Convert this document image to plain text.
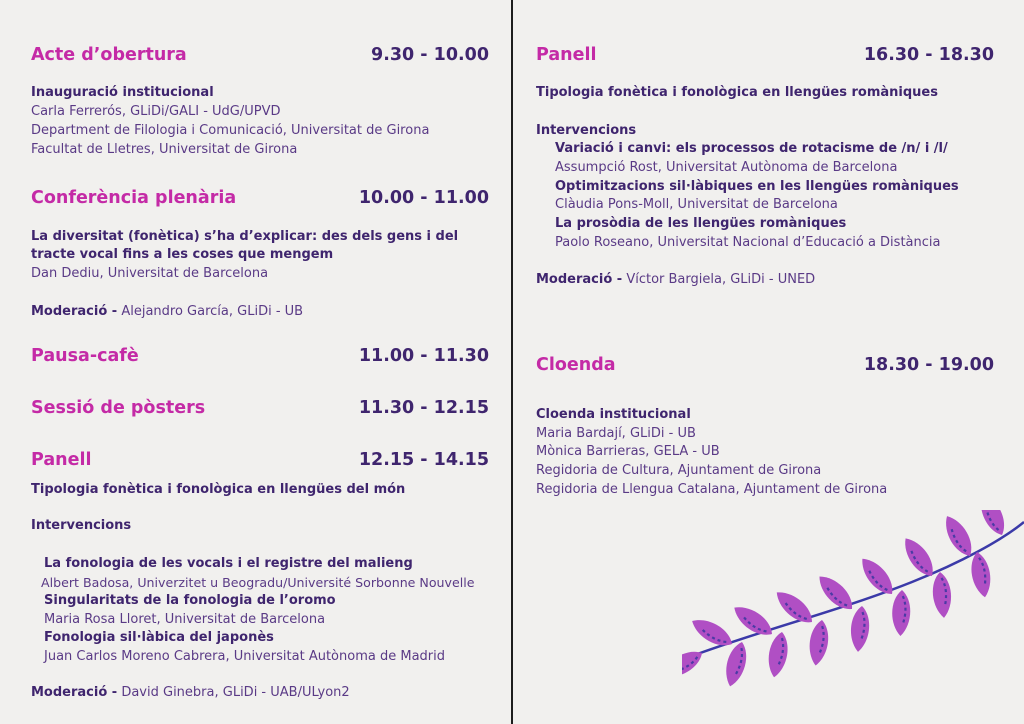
Acte d’obertura	9.30 - 10.00
Inauguració institucional
Carla Ferrerós, GLiDi/GALI - UdG/UPVD
Department de Filologia i Comunicació, Universitat de Girona
Facultat de Lletres, Universitat de Girona
Conferència plenària	10.00 - 11.00
La diversitat (fonètica) s’ha d’explicar: des dels gens i del
tracte vocal fins a les coses que mengem
Dan Dediu, Universitat de Barcelona
Moderació - Alejandro García, GLiDi - UB
Pausa-cafè	11.00 - 11.30
Sessió de pòsters	11.30 - 12.15
Panell	12.15 - 14.15
Tipologia fonètica i fonològica en llengües del món
Intervencions
La fonologia de les vocals i el registre del malieng
Albert Badosa, Univerzitet u Beogradu/Université Sorbonne Nouvelle
Singularitats de la fonologia de l’oromo
Maria Rosa Lloret, Universitat de Barcelona
Fonologia sil·làbica del japonès
Juan Carlos Moreno Cabrera, Universitat Autònoma de Madrid
Moderació - David Ginebra, GLiDi - UAB/ULyon2
Panell	16.30 - 18.30
Tipologia fonètica i fonològica en llengües romàniques
Intervencions
Variació i canvi: els processos de rotacisme de /n/ i /l/
Assumpció Rost, Universitat Autònoma de Barcelona
Optimitzacions sil·làbiques en les llengües romàniques
Clàudia Pons-Moll, Universitat de Barcelona
La prosòdia de les llengües romàniques
Paolo Roseano, Universitat Nacional d’Educació a Distància
Moderació - Víctor Bargiela, GLiDi - UNED
Cloenda	18.30 - 19.00
Cloenda institucional
Maria Bardají, GLiDi - UB
Mònica Barrieras, GELA - UB
Regidoria de Cultura, Ajuntament de Girona
Regidoria de Llengua Catalana, Ajuntament de Girona
